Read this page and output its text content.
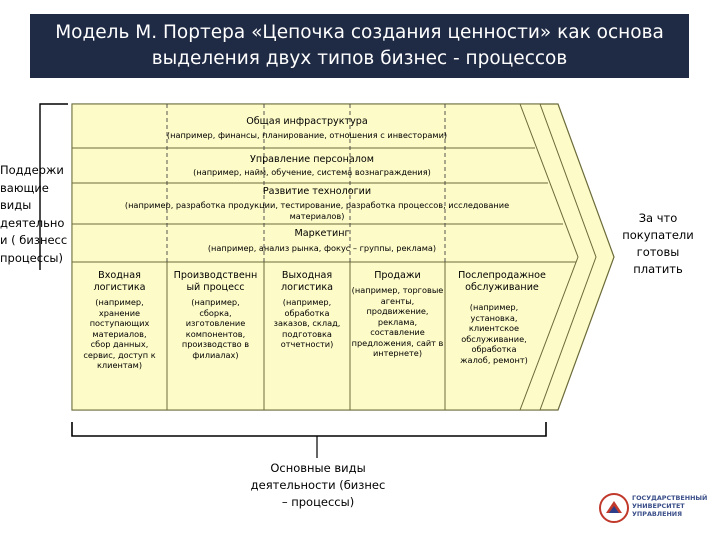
Модель М. Портера «Цепочка создания ценности» как основа
выделения двух типов бизнес - процессов
Общая инфраструктура
(например, финансы, планирование, отношения с инвесторами)
Управление персоналом
(например, найм, обучение, система вознаграждения)
Развитие технологии
(например, разработка продукции, тестирование, разработка процессов, исследование
материалов)
Маркетинг
(например, анализ рынка, фокус – группы, реклама)
Входная
логистика
(например,
хранение
поступающих
материалов,
сбор данных,
сервис, доступ к
клиентам)
Производственн
ый процесс
(например,
сборка,
изготовление
компонентов,
производство в
филиалах)
Выходная
логистика
(например,
обработка
заказов, склад,
подготовка
отчетности)
Продажи
(например, торговые
агенты,
продвижение,
реклама,
составление
предложения, сайт в
интернете)
Послепродажное
обслуживание
(например,
установка,
клиентское
обслуживание,
обработка
жалоб, ремонт)
Поддержи
вающие
виды
деятельно
и ( бизнесс
процессы)
За что
покупатели
готовы платить
Основные виды
деятельности (бизнес
– процессы)	ГОСУДАРСТВЕННЫЙ
УНИВЕРСИТЕТ
УПРАВЛЕНИЯ
